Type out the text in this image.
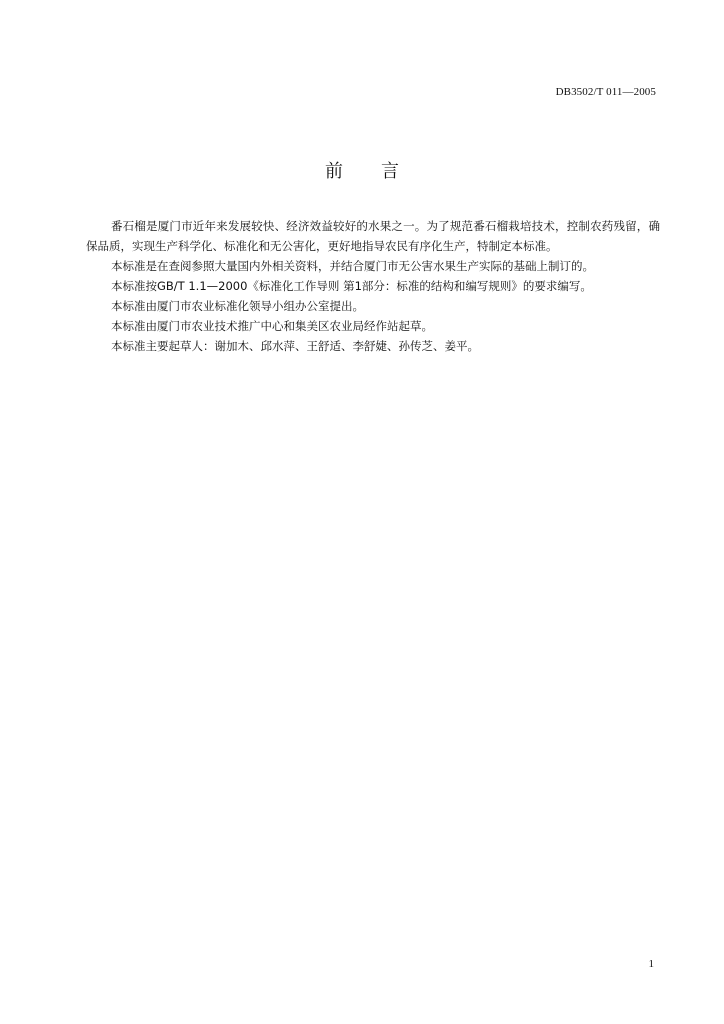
DB3502/T 011—2005
前言

番石榴是厦门市近年来发展较快、经济效益较好的水果之一。为了规范番石榴栽培技术，控制农药残留，确保品质，实现生产科学化、标准化和无公害化，更好地指导农民有序化生产，特制定本标准。

本标准是在查阅参照大量国内外相关资料，并结合厦门市无公害水果生产实际的基础上制订的。

本标准按GB/T 1.1—2000《标准化工作导则 第1部分：标准的结构和编写规则》的要求编写。

本标准由厦门市农业标准化领导小组办公室提出。

本标准由厦门市农业技术推广中心和集美区农业局经作站起草。

本标准主要起草人：谢加木、邱水萍、王舒适、李舒婕、孙传芝、姜平。

1
